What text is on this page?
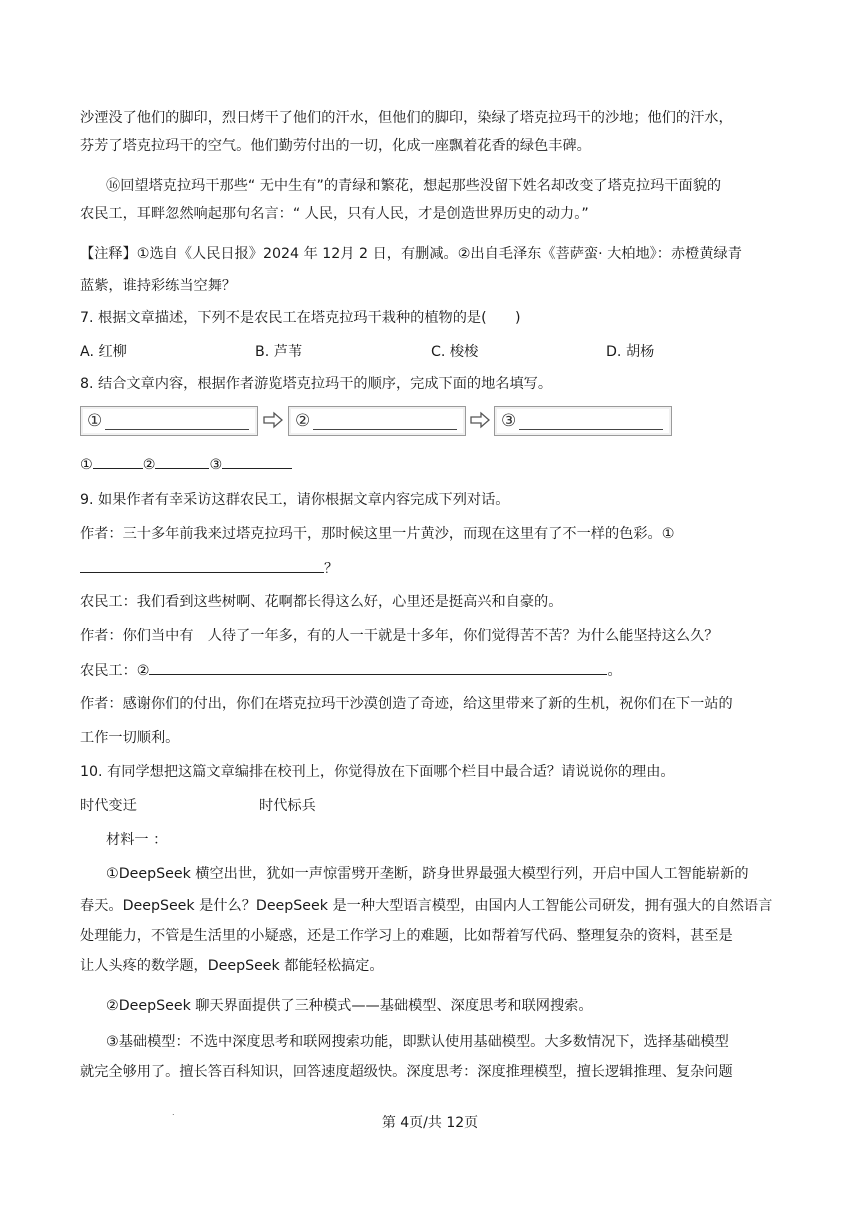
沙湮没了他们的脚印，烈日烤干了他们的汗水，但他们的脚印，染绿了塔克拉玛干的沙地；他们的汗水，
芬芳了塔克拉玛干的空气。他们勤劳付出的一切，化成一座飘着花香的绿色丰碑。
⑯回望塔克拉玛干那些“ 无中生有”的青绿和繁花，想起那些没留下姓名却改变了塔克拉玛干面貌的
农民工，耳畔忽然响起那句名言：“ 人民，只有人民，才是创造世界历史的动力。”
【注释】①选自《人民日报》2024 年 12月 2 日，有删减。②出自毛泽东《菩萨蛮· 大柏地》：赤橙黄绿青
蓝紫，谁持彩练当空舞？
7. 根据文章描述，下列不是农民工在塔克拉玛干栽种的植物的是(　　)
A. 红柳	B. 芦苇	C. 梭梭	D. 胡杨
8. 结合文章内容，根据作者游览塔克拉玛干的顺序，完成下面的地名填写。
①	②	③
①	②	③
9. 如果作者有幸采访这群农民工，请你根据文章内容完成下列对话。
作者：三十多年前我来过塔克拉玛干，那时候这里一片黄沙，而现在这里有了不一样的色彩。①
？
农民工：我们看到这些树啊、花啊都长得这么好，心里还是挺高兴和自豪的。
作者：你们当中有　人待了一年多，有的人一干就是十多年，你们觉得苦不苦？为什么能坚持这么久？
农民工：②	。
作者：感谢你们的付出，你们在塔克拉玛干沙漠创造了奇迹，给这里带来了新的生机，祝你们在下一站的
工作一切顺利。
10. 有同学想把这篇文章编排在校刊上，你觉得放在下面哪个栏目中最合适？请说说你的理由。
时代变迁	时代标兵
材料一 ：
①DeepSeek 横空出世，犹如一声惊雷劈开垄断，跻身世界最强大模型行列，开启中国人工智能崭新的
春天。DeepSeek 是什么？DeepSeek 是一种大型语言模型，由国内人工智能公司研发，拥有强大的自然语言
处理能力，不管是生活里的小疑惑，还是工作学习上的难题，比如帮着写代码、整理复杂的资料，甚至是
让人头疼的数学题，DeepSeek 都能轻松搞定。
②DeepSeek 聊天界面提供了三种模式——基础模型、深度思考和联网搜索。
③基础模型：不选中深度思考和联网搜索功能，即默认使用基础模型。大多数情况下，选择基础模型
就完全够用了。擅长答百科知识，回答速度超级快。深度思考：深度推理模型，擅长逻辑推理、复杂问题
.
第 4页/共 12页
